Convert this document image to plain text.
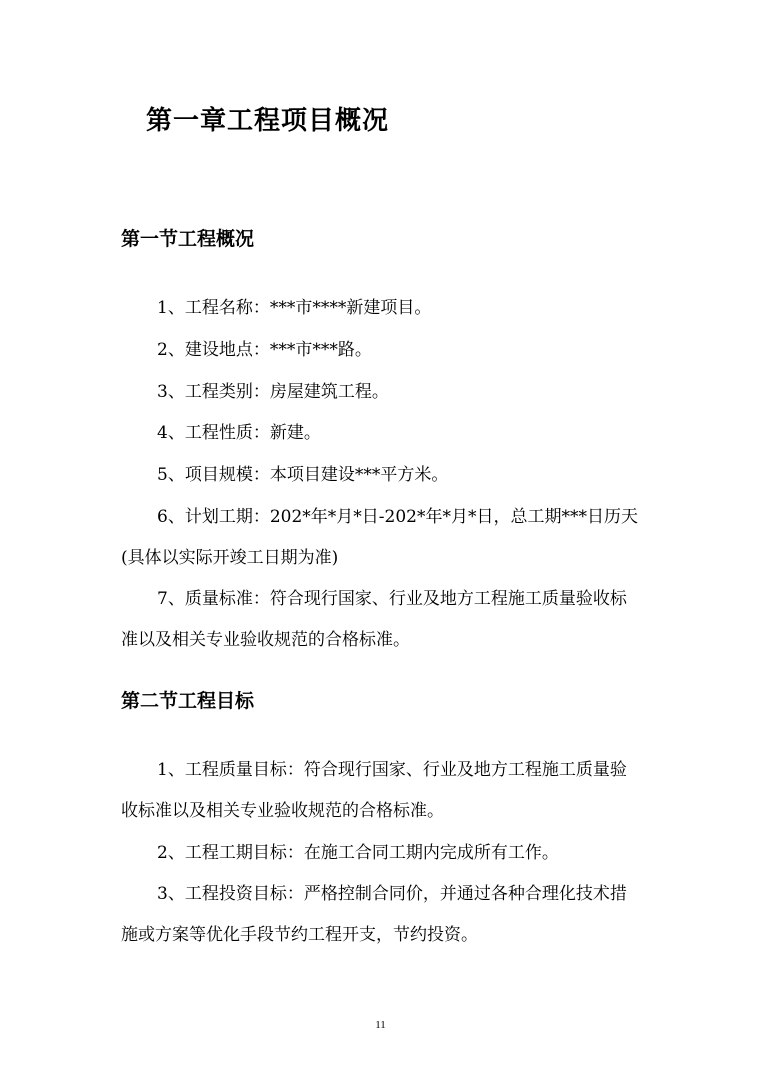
第一章工程项目概况
第一节工程概况

1、工程名称：***市****新建项目。

2、建设地点：***市***路。

3、工程类别：房屋建筑工程。

4、工程性质：新建。

5、项目规模：本项目建设***平方米。

6、计划工期：202*年*月*日-202*年*月*日，总工期***日历天(具体以实际开竣工日期为准)

7、质量标准：符合现行国家、行业及地方工程施工质量验收标准以及相关专业验收规范的合格标准。

第二节工程目标

1、工程质量目标：符合现行国家、行业及地方工程施工质量验收标准以及相关专业验收规范的合格标准。

2、工程工期目标：在施工合同工期内完成所有工作。

3、工程投资目标：严格控制合同价，并通过各种合理化技术措施或方案等优化手段节约工程开支，节约投资。

11
